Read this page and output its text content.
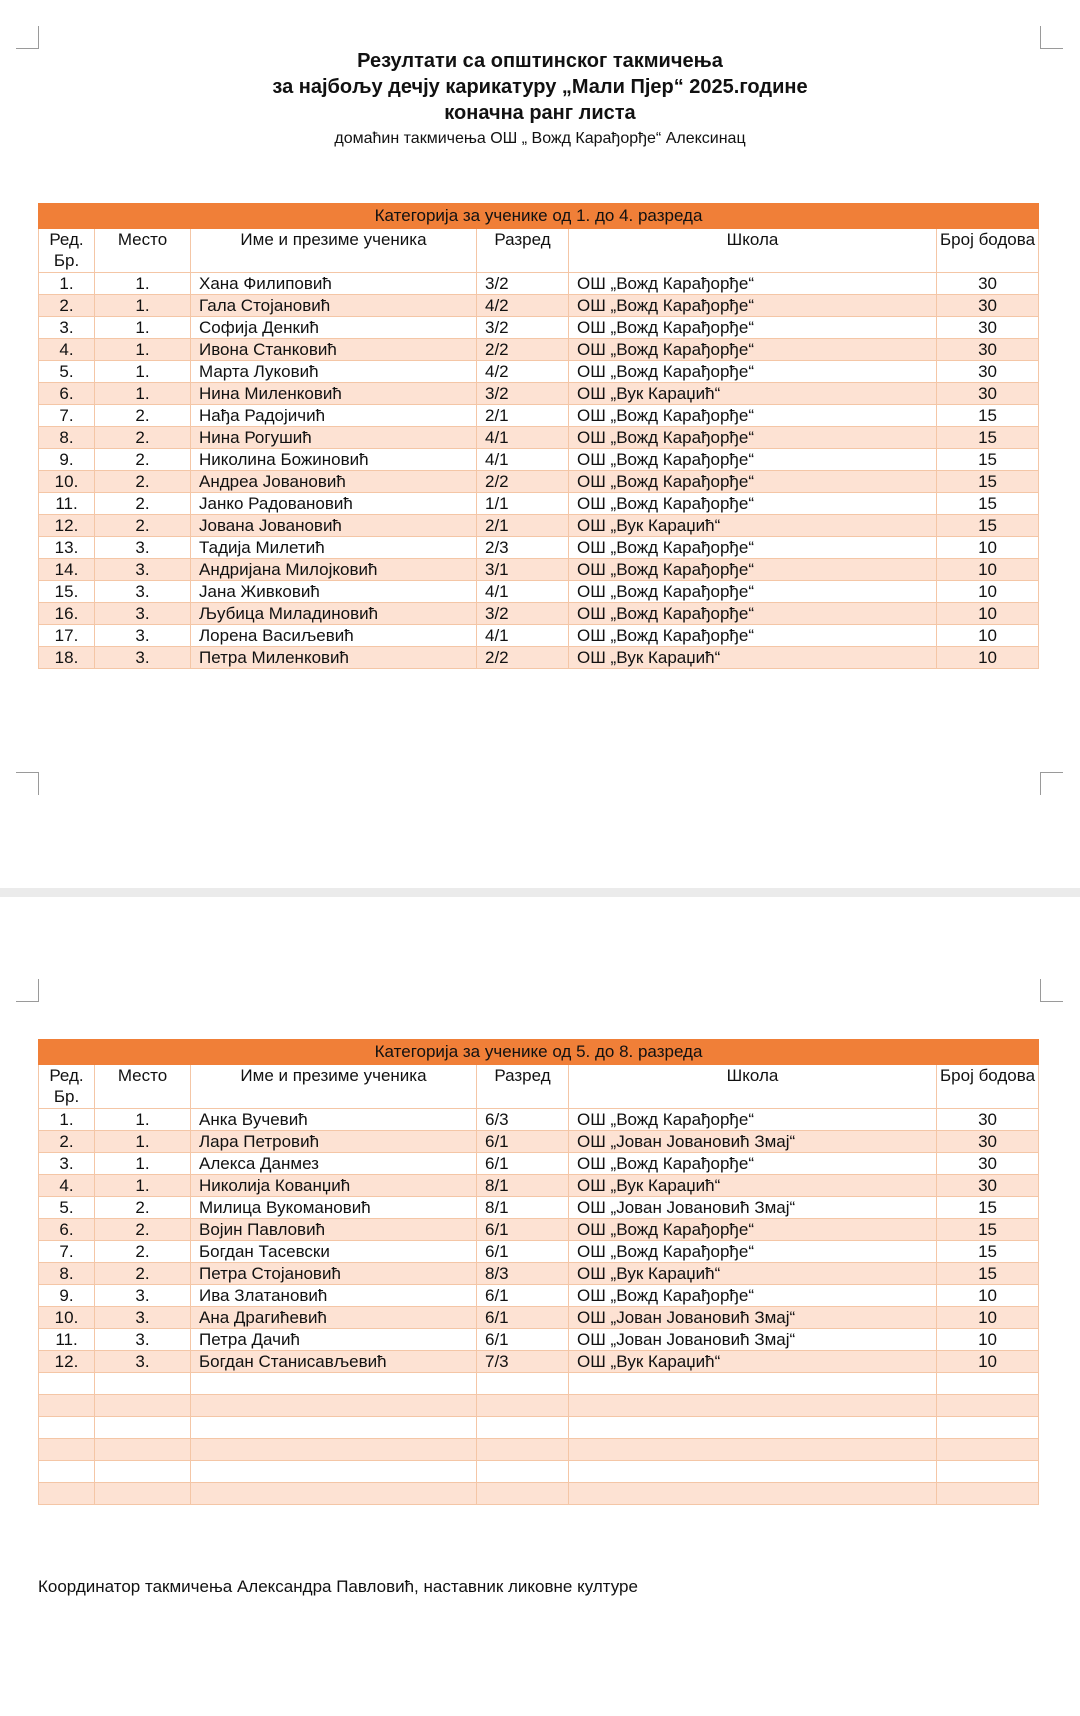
Резултати са општинског такмичења
за најбољу дечју карикатуру „Мали Пјер“ 2025.године
коначна ранг листа
домаћин такмичења ОШ „ Вожд Карађорђе“ Алексинац
Категорија за ученике од 1. до 4. разреда					
Ред. Бр.	Место	Име и презиме ученика	Разред	Школа	Број бодова
1.	1.	Хана Филиповић	3/2	ОШ „Вожд Карађорђе“	30
2.	1.	Гала Стојановић	4/2	ОШ „Вожд Карађорђе“	30
3.	1.	Софија Денкић	3/2	ОШ „Вожд Карађорђе“	30
4.	1.	Ивона Станковић	2/2	ОШ „Вожд Карађорђе“	30
5.	1.	Марта Луковић	4/2	ОШ „Вожд Карађорђе“	30
6.	1.	Нина Миленковић	3/2	ОШ „Вук Караџић“	30
7.	2.	Нађа Радојичић	2/1	ОШ „Вожд Карађорђе“	15
8.	2.	Нина Рогушић	4/1	ОШ „Вожд Карађорђе“	15
9.	2.	Николина Божиновић	4/1	ОШ „Вожд Карађорђе“	15
10.	2.	Андреа Јовановић	2/2	ОШ „Вожд Карађорђе“	15
11.	2.	Јанко Радовановић	1/1	ОШ „Вожд Карађорђе“	15
12.	2.	Јована Јовановић	2/1	ОШ „Вук Караџић“	15
13.	3.	Тадија Милетић	2/3	ОШ „Вожд Карађорђе“	10
14.	3.	Андријана Милојковић	3/1	ОШ „Вожд Карађорђе“	10
15.	3.	Јана Живковић	4/1	ОШ „Вожд Карађорђе“	10
16.	3.	Љубица Миладиновић	3/2	ОШ „Вожд Карађорђе“	10
17.	3.	Лорена Васиљевић	4/1	ОШ „Вожд Карађорђе“	10
18.	3.	Петра Миленковић	2/2	ОШ „Вук Караџић“	10
Категорија за ученике од 5. до 8. разреда					
Ред. Бр.	Место	Име и презиме ученика	Разред	Школа	Број бодова
1.	1.	Анка Вучевић	6/3	ОШ „Вожд Карађорђе“	30
2.	1.	Лара Петровић	6/1	ОШ „Јован Јовановић Змај“	30
3.	1.	Алекса Данмез	6/1	ОШ „Вожд Карађорђе“	30
4.	1.	Николија Кованџић	8/1	ОШ „Вук Караџић“	30
5.	2.	Милица Вукомановић	8/1	ОШ „Јован Јовановић Змај“	15
6.	2.	Војин Павловић	6/1	ОШ „Вожд Карађорђе“	15
7.	2.	Богдан Тасевски	6/1	ОШ „Вожд Карађорђе“	15
8.	2.	Петра Стојановић	8/3	ОШ „Вук Караџић“	15
9.	3.	Ива Златановић	6/1	ОШ „Вожд Карађорђе“	10
10.	3.	Ана Драгићевић	6/1	ОШ „Јован Јовановић Змај“	10
11.	3.	Петра Дачић	6/1	ОШ „Јован Јовановић Змај“	10
12.	3.	Богдан Станисављевић	7/3	ОШ „Вук Караџић“	10

Координатор такмичења Александра Павловић, наставник ликовне културе
